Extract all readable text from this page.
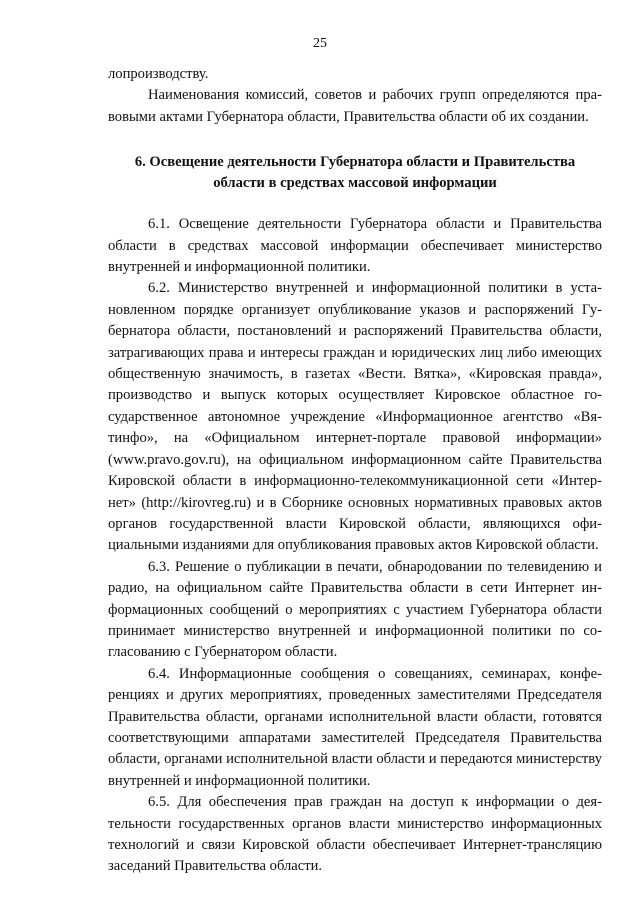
25

лопроизводству.

Наименования комиссий, советов и рабочих групп определяются правовыми актами Губернатора области, Правительства области об их создании.

6. Освещение деятельности Губернатора области и Правительства области в средствах массовой информации

6.1. Освещение деятельности Губернатора области и Правительства области в средствах массовой информации обеспечивает министерство внутренней и информационной политики.

6.2. Министерство внутренней и информационной политики в установленном порядке организует опубликование указов и распоряжений Губернатора области, постановлений и распоряжений Правительства области, затрагивающих права и интересы граждан и юридических лиц либо имеющих общественную значимость, в газетах «Вести. Вятка», «Кировская правда», производство и выпуск которых осуществляет Кировское областное государственное автономное учреждение «Информационное агентство «Вятинфо», на «Официальном интернет-портале правовой информации» (www.pravo.gov.ru), на официальном информационном сайте Правительства Кировской области в информационно-телекоммуникационной сети «Интернет» (http://kirovreg.ru) и в Сборнике основных нормативных правовых актов органов государственной власти Кировской области, являющихся официальными изданиями для опубликования правовых актов Кировской области.

6.3. Решение о публикации в печати, обнародовании по телевидению и радио, на официальном сайте Правительства области в сети Интернет информационных сообщений о мероприятиях с участием Губернатора области принимает министерство внутренней и информационной политики по согласованию с Губернатором области.

6.4. Информационные сообщения о совещаниях, семинарах, конференциях и других мероприятиях, проведенных заместителями Председателя Правительства области, органами исполнительной власти области, готовятся соответствующими аппаратами заместителей Председателя Правительства области, органами исполнительной власти области и передаются министерству внутренней и информационной политики.

6.5. Для обеспечения прав граждан на доступ к информации о деятельности государственных органов власти министерство информационных технологий и связи Кировской области обеспечивает Интернет-трансляцию заседаний Правительства области.
